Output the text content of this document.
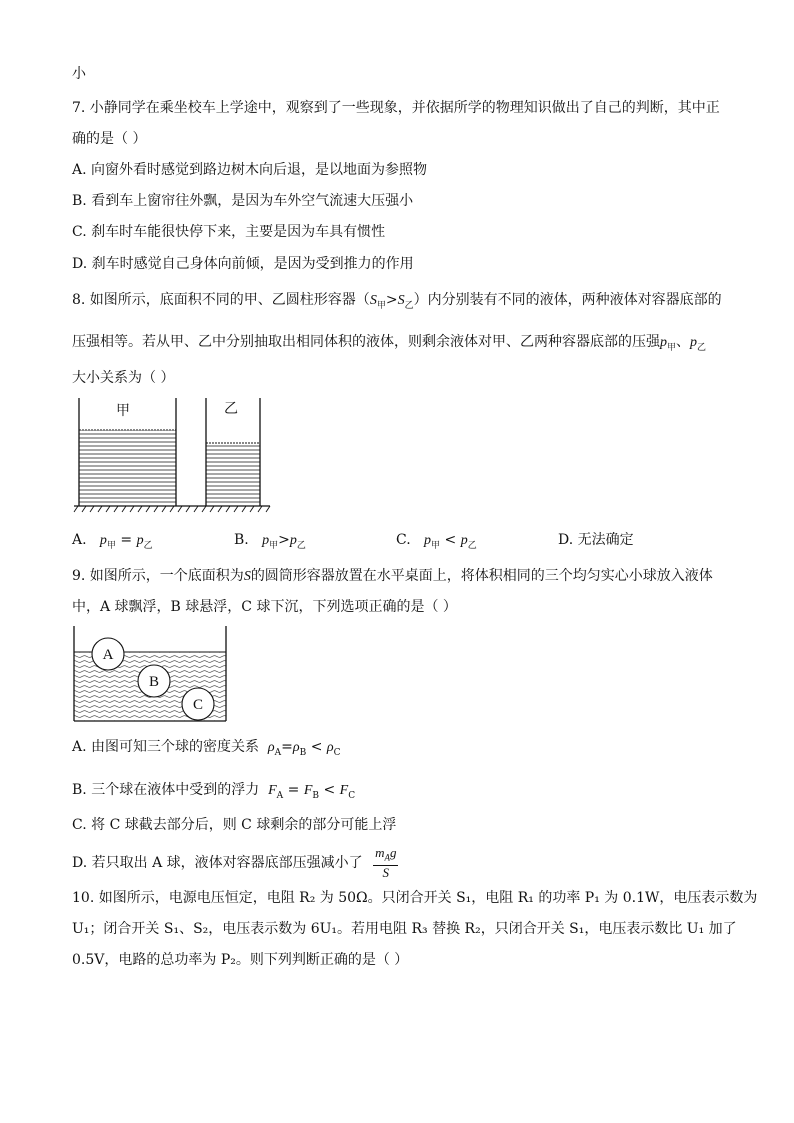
小
7. 小静同学在乘坐校车上学途中，观察到了一些现象，并依据所学的物理知识做出了自己的判断，其中正
确的是（ ）
A. 向窗外看时感觉到路边树木向后退，是以地面为参照物
B. 看到车上窗帘往外飘，是因为车外空气流速大压强小
C. 刹车时车能很快停下来，主要是因为车具有惯性
D. 刹车时感觉自己身体向前倾，是因为受到推力的作用
8. 如图所示，底面积不同的甲、乙圆柱形容器$(S_甲>S_乙)$内分别装有不同的液体，两种液体对容器底部的
压强相等。若从甲、乙中分别抽取出相同体积的液体，则剩余液体对甲、乙两种容器底部的压强$p_甲$、$p_乙$
大小关系为（ ）
甲	乙
A. $p_甲 = p_乙$	B. $p_甲>p_乙$	C. $p_甲 < p_乙$	D. 无法确定
9. 如图所示，一个底面积为S的圆筒形容器放置在水平桌面上，将体积相同的三个均匀实心小球放入液体
中，A 球飘浮，B 球悬浮，C 球下沉，下列选项正确的是（ ）
A
B
C
A. 由图可知三个球的密度关系 $\rho_A=\rho_B < \rho_C$
B. 三个球在液体中受到的浮力 $F_A = F_B < F_C$
C. 将 C 球截去部分后，则 C 球剩余的部分可能上浮
D. 若只取出 A 球，液体对容器底部压强减小了 $\frac{m_Ag}{S}$
10. 如图所示，电源电压恒定，电阻 R₂ 为 50Ω。只闭合开关 S₁，电阻 R₁ 的功率 P₁ 为 0.1W，电压表示数为
U₁；闭合开关 S₁、S₂，电压表示数为 6U₁。若用电阻 R₃ 替换 R₂，只闭合开关 S₁，电压表示数比 U₁ 加了
0.5V，电路的总功率为 P₂。则下列判断正确的是（ ）
